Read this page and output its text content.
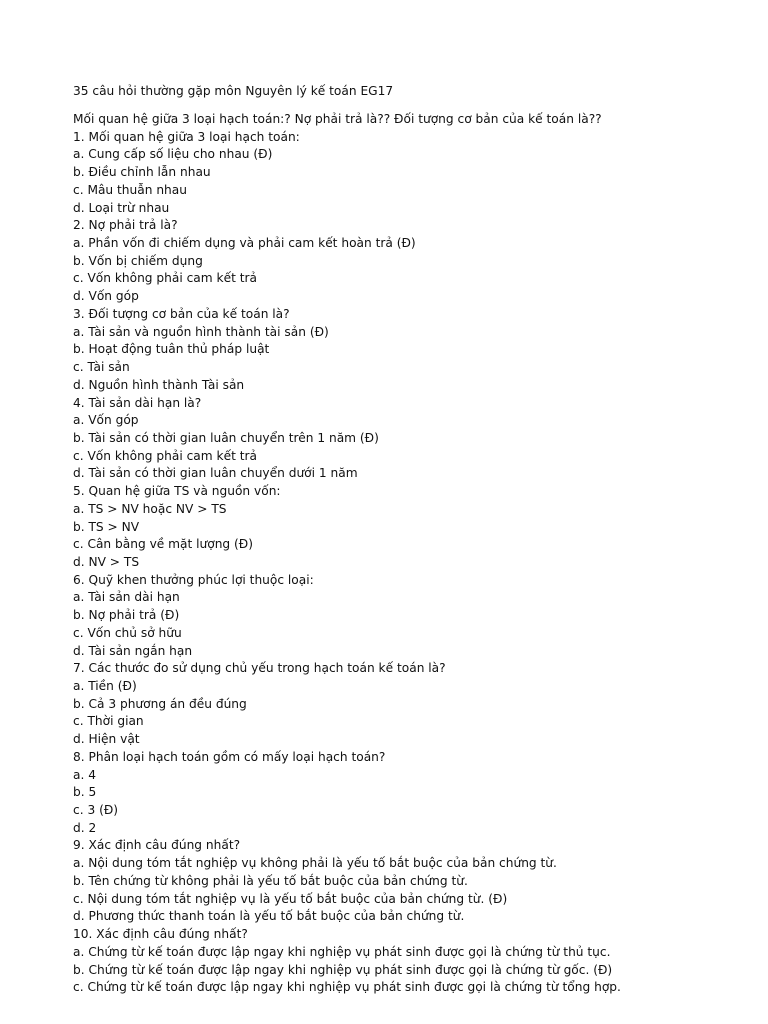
35 câu hỏi thường gặp môn Nguyên lý kế toán EG17
Mối quan hệ giữa 3 loại hạch toán:? Nợ phải trả là?? Đối tượng cơ bản của kế toán là??
1. Mối quan hệ giữa 3 loại hạch toán:
a. Cung cấp số liệu cho nhau (Đ)
b. Điều chỉnh lẫn nhau
c. Mâu thuẫn nhau
d. Loại trừ nhau
2. Nợ phải trả là?
a. Phần vốn đi chiếm dụng và phải cam kết hoàn trả (Đ)
b. Vốn bị chiếm dụng
c. Vốn không phải cam kết trả
d. Vốn góp
3. Đối tượng cơ bản của kế toán là?
a. Tài sản và nguồn hình thành tài sản (Đ)
b. Hoạt động tuân thủ pháp luật
c. Tài sản
d. Nguồn hình thành Tài sản
4. Tài sản dài hạn là?
a. Vốn góp
b. Tài sản có thời gian luân chuyển trên 1 năm (Đ)
c. Vốn không phải cam kết trả
d. Tài sản có thời gian luân chuyển dưới 1 năm
5. Quan hệ giữa TS và nguồn vốn:
a. TS > NV hoặc NV > TS
b. TS > NV
c. Cân bằng về mặt lượng (Đ)
d. NV > TS
6. Quỹ khen thưởng phúc lợi thuộc loại:
a. Tài sản dài hạn
b. Nợ phải trả (Đ)
c. Vốn chủ sở hữu
d. Tài sản ngắn hạn
7. Các thước đo sử dụng chủ yếu trong hạch toán kế toán là?
a. Tiền (Đ)
b. Cả 3 phương án đều đúng
c. Thời gian
d. Hiện vật
8. Phân loại hạch toán gồm có mấy loại hạch toán?
a. 4
b. 5
c. 3 (Đ)
d. 2
9. Xác định câu đúng nhất?
a. Nội dung tóm tắt nghiệp vụ không phải là yếu tố bắt buộc của bản chứng từ.
b. Tên chứng từ không phải là yếu tố bắt buộc của bản chứng từ.
c. Nội dung tóm tắt nghiệp vụ là yếu tố bắt buộc của bản chứng từ. (Đ)
d. Phương thức thanh toán là yếu tố bắt buộc của bản chứng từ.
10. Xác định câu đúng nhất?
a. Chứng từ kế toán được lập ngay khi nghiệp vụ phát sinh được gọi là chứng từ thủ tục.
b. Chứng từ kế toán được lập ngay khi nghiệp vụ phát sinh được gọi là chứng từ gốc. (Đ)
c. Chứng từ kế toán được lập ngay khi nghiệp vụ phát sinh được gọi là chứng từ tổng hợp.
